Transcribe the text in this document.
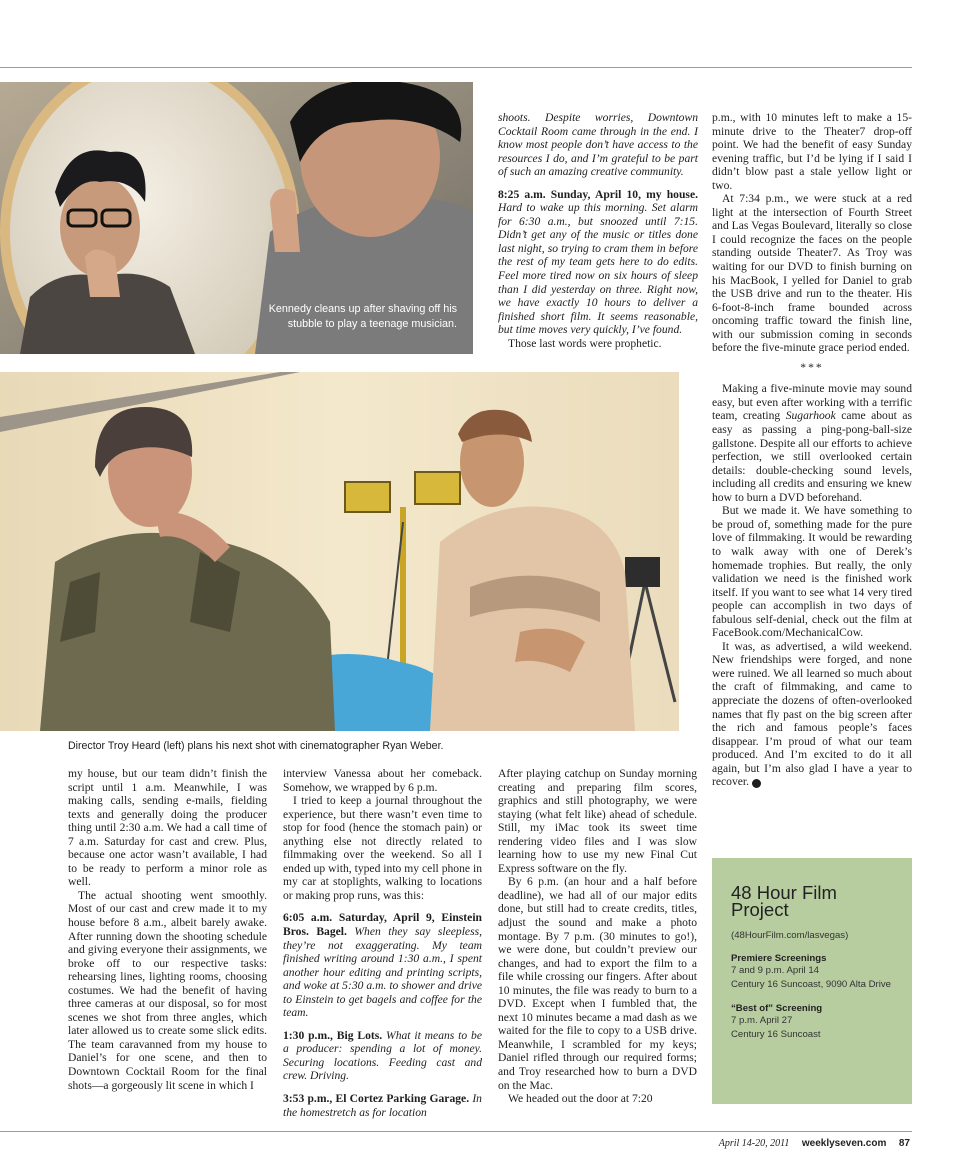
Kennedy cleans up after shaving off his stubble to play a teenage musician.
Director Troy Heard (left) plans his next shot with cinematographer Ryan Weber.

shoots. Despite worries, Downtown Cocktail Room came through in the end. I know most people don’t have access to the resources I do, and I’m grateful to be part of such an amazing creative community.

8:25 a.m. Sunday, April 10, my house. Hard to wake up this morning. Set alarm for 6:30 a.m., but snoozed until 7:15. Didn’t get any of the music or titles done last night, so trying to cram them in before the rest of my team gets here to do edits. Feel more tired now on six hours of sleep than I did yesterday on three. Right now, we have exactly 10 hours to deliver a finished short film. It seems reasonable, but time moves very quickly, I’ve found.

Those last words were prophetic.

p.m., with 10 minutes left to make a 15-minute drive to the Theater7 drop-off point. We had the benefit of easy Sunday evening traffic, but I’d be lying if I said I didn’t blow past a stale yellow light or two.

At 7:34 p.m., we were stuck at a red light at the intersection of Fourth Street and Las Vegas Boulevard, literally so close I could recognize the faces on the people standing outside Theater7. As Troy was waiting for our DVD to finish burning on his MacBook, I yelled for Daniel to grab the USB drive and run to the theater. His 6-foot-8-inch frame bounded across oncoming traffic toward the finish line, with our submission coming in seconds before the five-minute grace period ended.

***

Making a five-minute movie may sound easy, but even after working with a terrific team, creating Sugarhook came about as easy as passing a ping-pong-ball-size gallstone. Despite all our efforts to achieve perfection, we still overlooked certain details: double-checking sound levels, including all credits and ensuring we knew how to burn a DVD beforehand.

But we made it. We have something to be proud of, something made for the pure love of filmmaking. It would be rewarding to walk away with one of Derek’s homemade trophies. But really, the only validation we need is the finished work itself. If you want to see what 14 very tired people can accomplish in two days of fabulous self-denial, check out the film at FaceBook.com/MechanicalCow.

It was, as advertised, a wild weekend. New friendships were forged, and none were ruined. We all learned so much about the craft of filmmaking, and came to appreciate the dozens of often-overlooked names that fly past on the big screen after the rich and famous people’s faces disappear. I’m proud of what our team produced. And I’m excited to do it all again, but I’m also glad I have a year to recover. 7

my house, but our team didn’t finish the script until 1 a.m. Meanwhile, I was making calls, sending e-mails, fielding texts and generally doing the producer thing until 2:30 a.m. We had a call time of 7 a.m. Saturday for cast and crew. Plus, because one actor wasn’t available, I had to be ready to perform a minor role as well.

The actual shooting went smoothly. Most of our cast and crew made it to my house before 8 a.m., albeit barely awake. After running down the shooting schedule and giving everyone their assignments, we broke off to our respective tasks: rehearsing lines, lighting rooms, choosing costumes. We had the benefit of having three cameras at our disposal, so for most scenes we shot from three angles, which later allowed us to create some slick edits. The team caravanned from my house to Daniel’s for one scene, and then to Downtown Cocktail Room for the final shots—a gorgeously lit scene in which I

interview Vanessa about her comeback. Somehow, we wrapped by 6 p.m.

I tried to keep a journal throughout the experience, but there wasn’t even time to stop for food (hence the stomach pain) or anything else not directly related to filmmaking over the weekend. So all I ended up with, typed into my cell phone in my car at stoplights, walking to locations or making prop runs, was this:

6:05 a.m. Saturday, April 9, Einstein Bros. Bagel. When they say sleepless, they’re not exaggerating. My team finished writing around 1:30 a.m., I spent another hour editing and printing scripts, and woke at 5:30 a.m. to shower and drive to Einstein to get bagels and coffee for the team.

1:30 p.m., Big Lots. What it means to be a producer: spending a lot of money. Securing locations. Feeding cast and crew. Driving.

3:53 p.m., El Cortez Parking Garage. In the homestretch as for location

After playing catchup on Sunday morning creating and preparing film scores, graphics and still photography, we were staying (what felt like) ahead of schedule. Still, my iMac took its sweet time rendering video files and I was slow learning how to use my new Final Cut Express software on the fly.

By 6 p.m. (an hour and a half before deadline), we had all of our major edits done, but still had to create credits, titles, adjust the sound and make a photo montage. By 7 p.m. (30 minutes to go!), we were done, but couldn’t preview our changes, and had to export the film to a file while crossing our fingers. After about 10 minutes, the file was ready to burn to a DVD. Except when I fumbled that, the next 10 minutes became a mad dash as we waited for the file to copy to a USB drive. Meanwhile, I scrambled for my keys; Daniel rifled through our required forms; and Troy researched how to burn a DVD on the Mac.

We headed out the door at 7:20

48 Hour Film Project
(48HourFilm.com/lasvegas)
Premiere Screenings
7 and 9 p.m. April 14
Century 16 Suncoast, 9090 Alta Drive
“Best of” Screening
7 p.m. April 27
Century 16 Suncoast
April 14-20, 2011 weeklyseven.com 87
